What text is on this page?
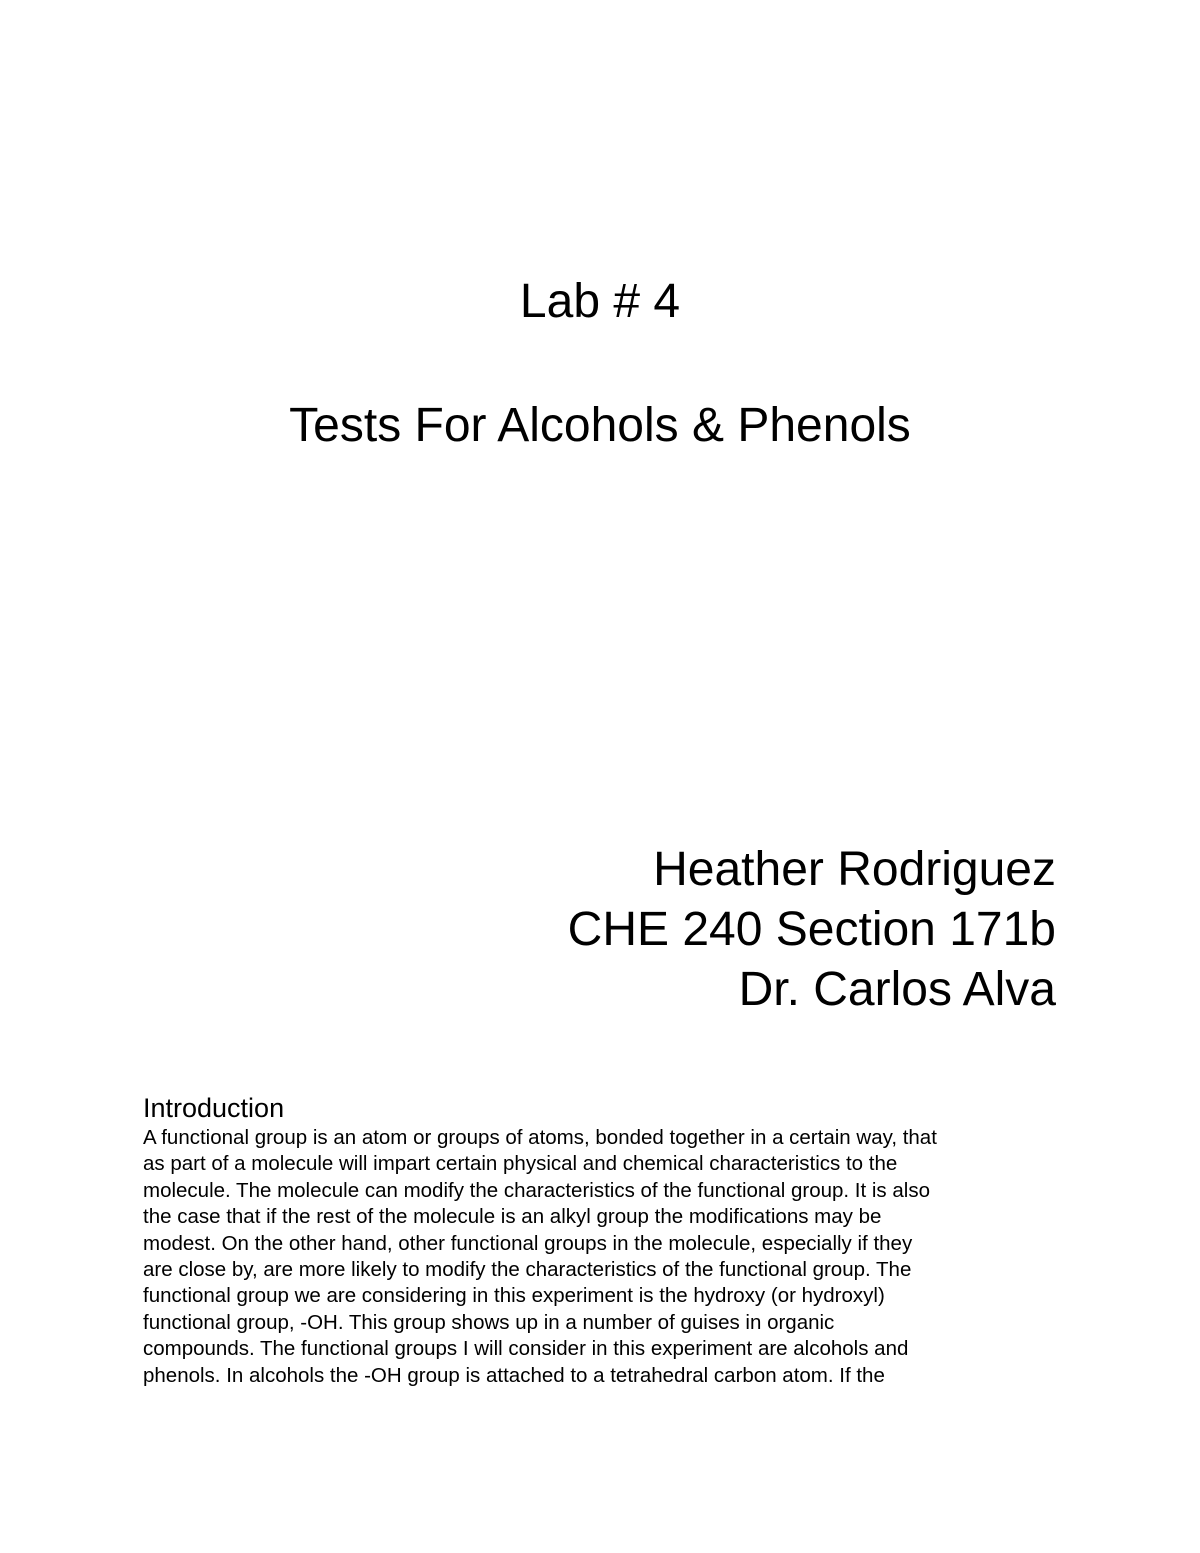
Lab # 4
Tests For Alcohols & Phenols
Heather Rodriguez
CHE 240 Section 171b
Dr. Carlos Alva
Introduction
A functional group is an atom or groups of atoms, bonded together in a certain way, that
as part of a molecule will impart certain physical and chemical characteristics to the
molecule. The molecule can modify the characteristics of the functional group. It is also
the case that if the rest of the molecule is an alkyl group the modifications may be
modest. On the other hand, other functional groups in the molecule, especially if they
are close by, are more likely to modify the characteristics of the functional group. The
functional group we are considering in this experiment is the hydroxy (or hydroxyl)
functional group, -OH. This group shows up in a number of guises in organic
compounds. The functional groups I will consider in this experiment are alcohols and
phenols. In alcohols the -OH group is attached to a tetrahedral carbon atom. If the
